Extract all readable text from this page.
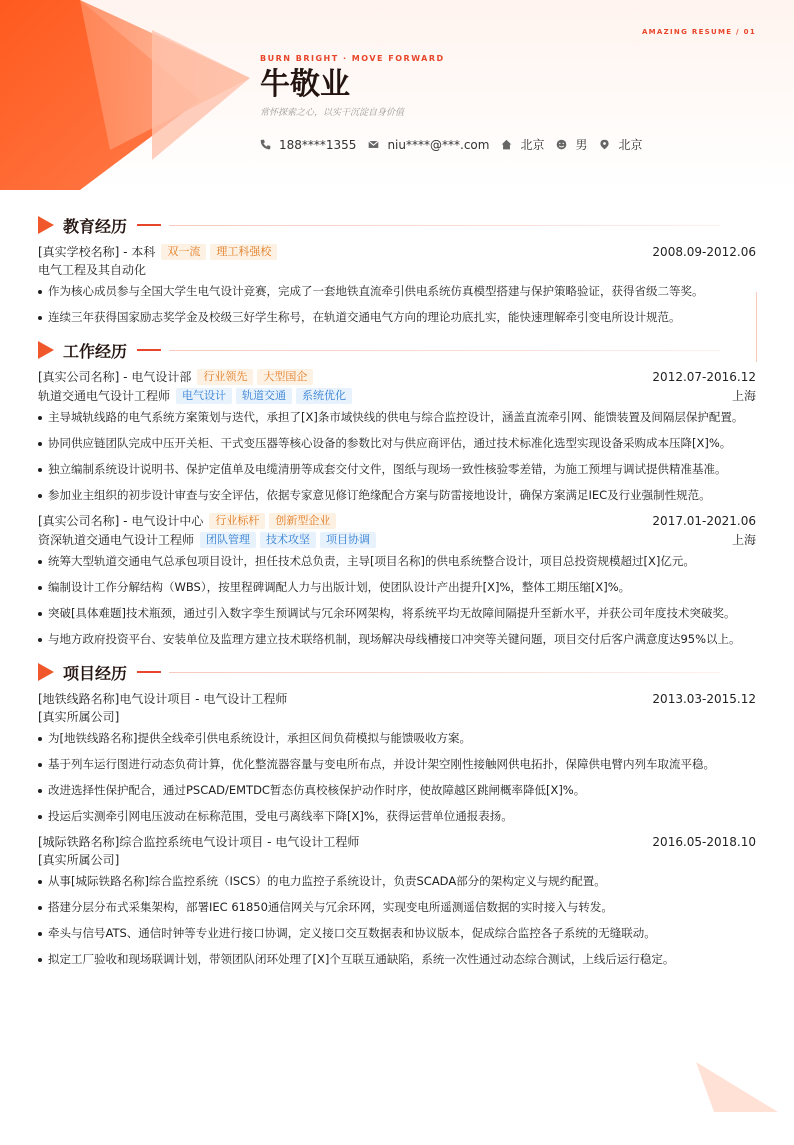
AMAZING RESUME / 01
BURN BRIGHT · MOVE FORWARD
牛敬业
常怀探索之心，以实干沉淀自身价值
188****1355	niu****@***.com	北京	男	北京
教育经历
[真实学校名称] - 本科	双一流	理工科强校	2008.09-2012.06
电气工程及其自动化
作为核心成员参与全国大学生电气设计竞赛，完成了一套地铁直流牵引供电系统仿真模型搭建与保护策略验证，获得省级二等奖。
连续三年获得国家励志奖学金及校级三好学生称号，在轨道交通电气方向的理论功底扎实，能快速理解牵引变电所设计规范。
工作经历
[真实公司名称] - 电气设计部	行业领先	大型国企	2012.07-2016.12
轨道交通电气设计工程师	电气设计	轨道交通	系统优化	上海
主导城轨线路的电气系统方案策划与迭代，承担了[X]条市域快线的供电与综合监控设计，涵盖直流牵引网、能馈装置及间隔层保护配置。
协同供应链团队完成中压开关柜、干式变压器等核心设备的参数比对与供应商评估，通过技术标准化选型实现设备采购成本压降[X]%。
独立编制系统设计说明书、保护定值单及电缆清册等成套交付文件，图纸与现场一致性核验零差错，为施工预埋与调试提供精准基准。
参加业主组织的初步设计审查与安全评估，依据专家意见修订绝缘配合方案与防雷接地设计，确保方案满足IEC及行业强制性规范。
[真实公司名称] - 电气设计中心	行业标杆	创新型企业	2017.01-2021.06
资深轨道交通电气设计工程师	团队管理	技术攻坚	项目协调	上海
统筹大型轨道交通电气总承包项目设计，担任技术总负责，主导[项目名称]的供电系统整合设计，项目总投资规模超过[X]亿元。
编制设计工作分解结构（WBS），按里程碑调配人力与出版计划，使团队设计产出提升[X]%，整体工期压缩[X]%。
突破[具体难题]技术瓶颈，通过引入数字孪生预调试与冗余环网架构，将系统平均无故障间隔提升至新水平，并获公司年度技术突破奖。
与地方政府投资平台、安装单位及监理方建立技术联络机制，现场解决母线槽接口冲突等关键问题，项目交付后客户满意度达95%以上。
项目经历
[地铁线路名称]电气设计项目 - 电气设计工程师	2013.03-2015.12
[真实所属公司]
为[地铁线路名称]提供全线牵引供电系统设计，承担区间负荷模拟与能馈吸收方案。
基于列车运行图进行动态负荷计算，优化整流器容量与变电所布点，并设计架空刚性接触网供电拓扑，保障供电臂内列车取流平稳。
改进选择性保护配合，通过PSCAD/EMTDC暂态仿真校核保护动作时序，使故障越区跳闸概率降低[X]%。
投运后实测牵引网电压波动在标称范围，受电弓离线率下降[X]%，获得运营单位通报表扬。
[城际铁路名称]综合监控系统电气设计项目 - 电气设计工程师	2016.05-2018.10
[真实所属公司]
从事[城际铁路名称]综合监控系统（ISCS）的电力监控子系统设计，负责SCADA部分的架构定义与规约配置。
搭建分层分布式采集架构，部署IEC 61850通信网关与冗余环网，实现变电所遥测遥信数据的实时接入与转发。
牵头与信号ATS、通信时钟等专业进行接口协调，定义接口交互数据表和协议版本，促成综合监控各子系统的无缝联动。
拟定工厂验收和现场联调计划，带领团队闭环处理了[X]个互联互通缺陷，系统一次性通过动态综合测试，上线后运行稳定。
